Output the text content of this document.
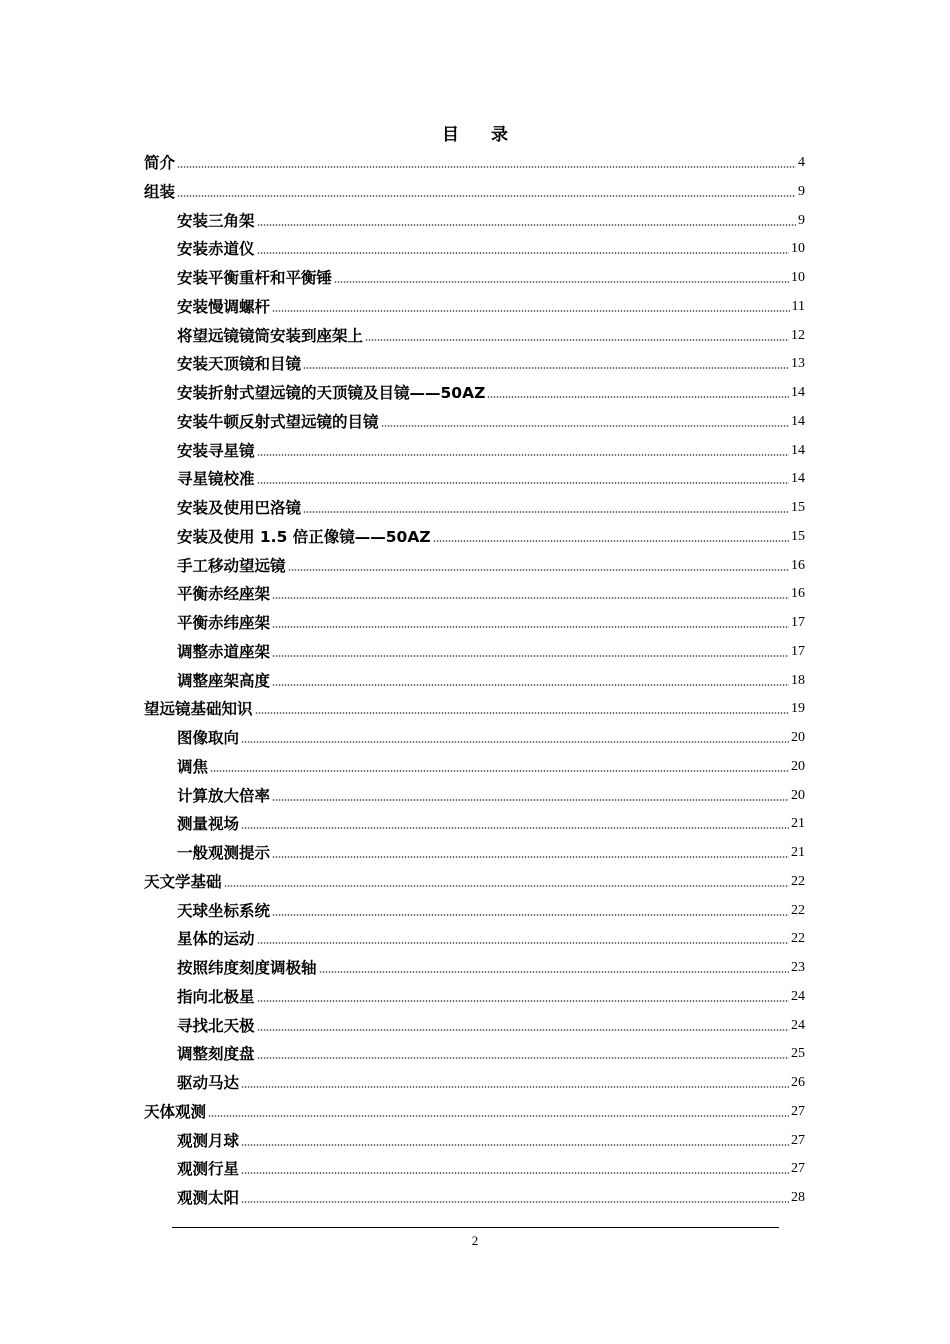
目 录
简介	4
组装	9
安装三角架	9
安装赤道仪	10
安装平衡重杆和平衡锤	10
安装慢调螺杆	11
将望远镜镜筒安装到座架上	12
安装天顶镜和目镜	13
安装折射式望远镜的天顶镜及目镜——50AZ	14
安装牛顿反射式望远镜的目镜	14
安装寻星镜	14
寻星镜校准	14
安装及使用巴洛镜	15
安装及使用 1.5 倍正像镜——50AZ	15
手工移动望远镜	16
平衡赤经座架	16
平衡赤纬座架	17
调整赤道座架	17
调整座架高度	18
望远镜基础知识	19
图像取向	20
调焦	20
计算放大倍率	20
测量视场	21
一般观测提示	21
天文学基础	22
天球坐标系统	22
星体的运动	22
按照纬度刻度调极轴	23
指向北极星	24
寻找北天极	24
调整刻度盘	25
驱动马达	26
天体观测	27
观测月球	27
观测行星	27
观测太阳	28
2
